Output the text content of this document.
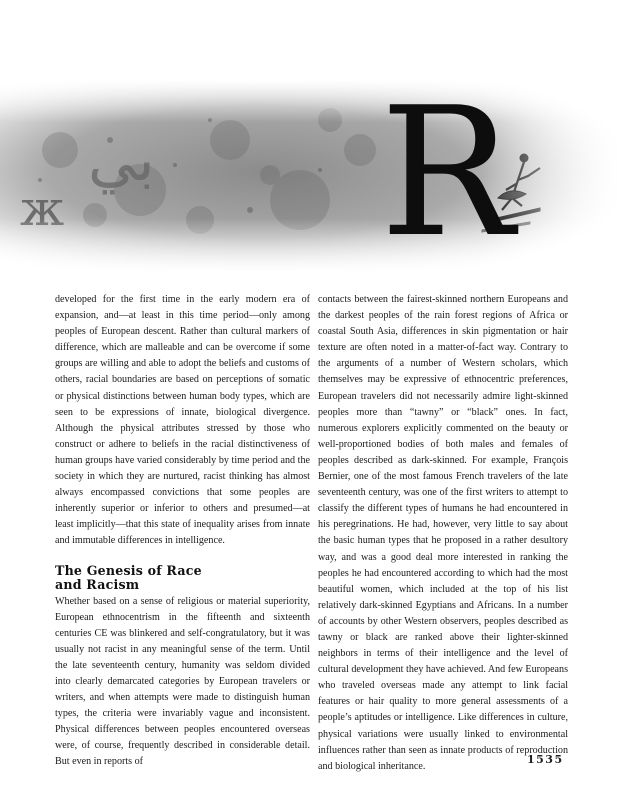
R

developed for the first time in the early modern era of expansion, and—at least in this time period—only among peoples of European descent. Rather than cultural markers of difference, which are malleable and can be overcome if some groups are willing and able to adopt the beliefs and customs of others, racial boundaries are based on perceptions of somatic or physical distinctions between human body types, which are seen to be expressions of innate, biological divergence. Although the physical attributes stressed by those who construct or adhere to beliefs in the racial distinctiveness of human groups have varied considerably by time period and the society in which they are nurtured, racist thinking has almost always encompassed convictions that some peoples are inherently superior or inferior to others and presumed—at least implicitly—that this state of inequality arises from innate and immutable differences in intelligence.

The Genesis of Race
and Racism

Whether based on a sense of religious or material superiority, European ethnocentrism in the fifteenth and sixteenth centuries CE was blinkered and self-congratulatory, but it was usually not racist in any meaningful sense of the term. Until the late seventeenth century, humanity was seldom divided into clearly demarcated categories by European travelers or writers, and when attempts were made to distinguish human types, the criteria were invariably vague and inconsistent. Physical differences between peoples encountered overseas were, of course, frequently described in considerable detail. But even in reports of

contacts between the fairest-skinned northern Europeans and the darkest peoples of the rain forest regions of Africa or coastal South Asia, differences in skin pigmentation or hair texture are often noted in a matter-of-fact way. Contrary to the arguments of a number of Western scholars, which themselves may be expressive of ethnocentric preferences, European travelers did not necessarily admire light-skinned peoples more than “tawny” or “black” ones. In fact, numerous explorers explicitly commented on the beauty or well-proportioned bodies of both males and females of peoples described as dark-skinned. For example, François Bernier, one of the most famous French travelers of the late seventeenth century, was one of the first writers to attempt to classify the different types of humans he had encountered in his peregrinations. He had, however, very little to say about the basic human types that he proposed in a rather desultory way, and was a good deal more interested in ranking the peoples he had encountered according to which had the most beautiful women, which included at the top of his list relatively dark-skinned Egyptians and Africans. In a number of accounts by other Western observers, peoples described as tawny or black are ranked above their lighter-skinned neighbors in terms of their intelligence and the level of cultural development they have achieved. And few Europeans who traveled overseas made any attempt to link facial features or hair quality to more general assessments of a people’s aptitudes or intelligence. Like differences in culture, physical variations were usually linked to environmental influences rather than seen as innate products of reproduction and biological inheritance.

1535
